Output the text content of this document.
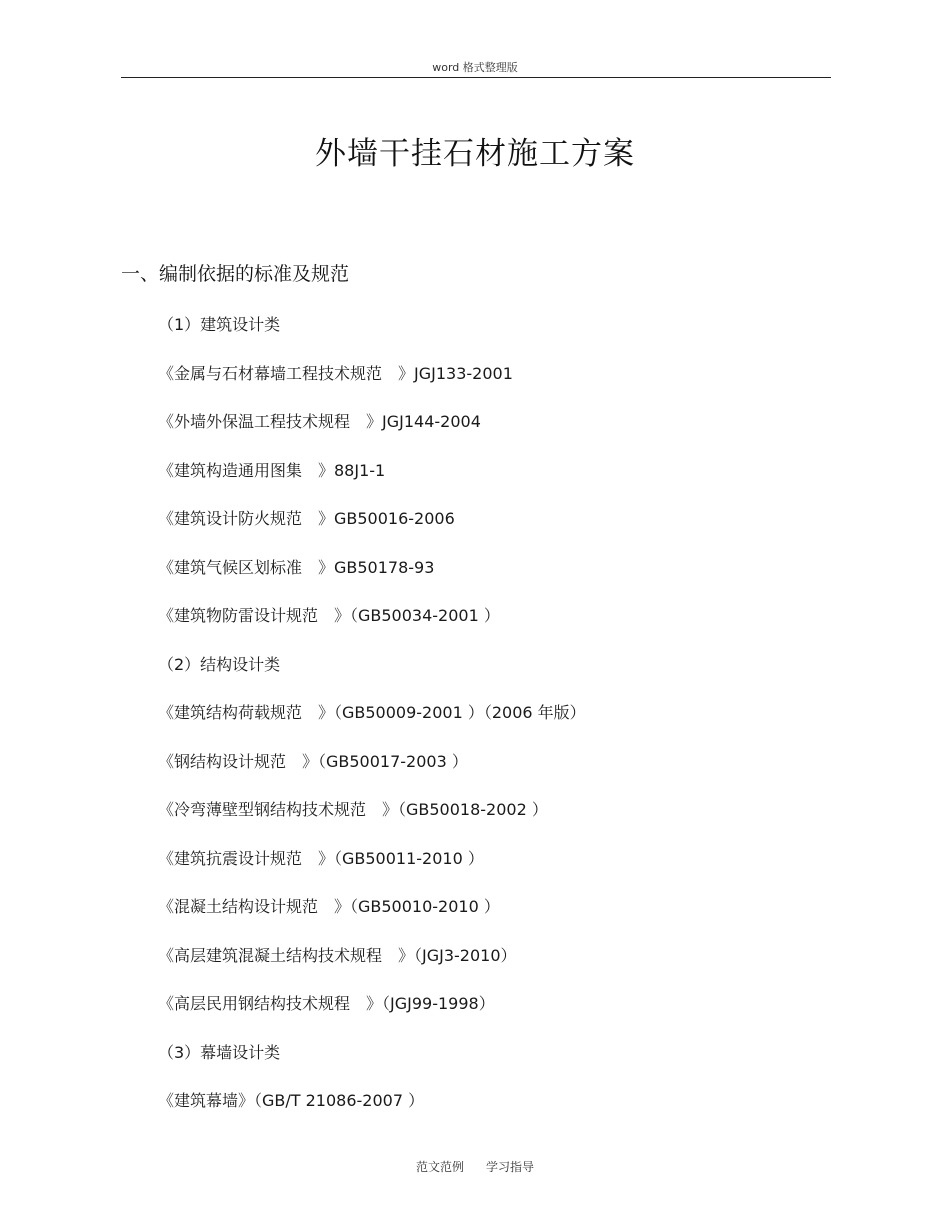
word 格式整理版
外墙干挂石材施工方案
一、编制依据的标准及规范
（1）建筑设计类
《金属与石材幕墙工程技术规范　》JGJ133-2001
《外墙外保温工程技术规程　》JGJ144-2004
《建筑构造通用图集　》88J1-1
《建筑设计防火规范　》GB50016-2006
《建筑气候区划标准　》GB50178-93
《建筑物防雷设计规范　》（GB50034-2001 ）
（2）结构设计类
《建筑结构荷载规范　》（GB50009-2001 ）（2006 年版）
《钢结构设计规范　》（GB50017-2003 ）
《冷弯薄壁型钢结构技术规范　》（GB50018-2002 ）
《建筑抗震设计规范　》（GB50011-2010 ）
《混凝土结构设计规范　》（GB50010-2010 ）
《高层建筑混凝土结构技术规程　》（JGJ3-2010）
《高层民用钢结构技术规程　》（JGJ99-1998）
（3）幕墙设计类
《建筑幕墙》（GB/T 21086-2007 ）
范文范例 学习指导
